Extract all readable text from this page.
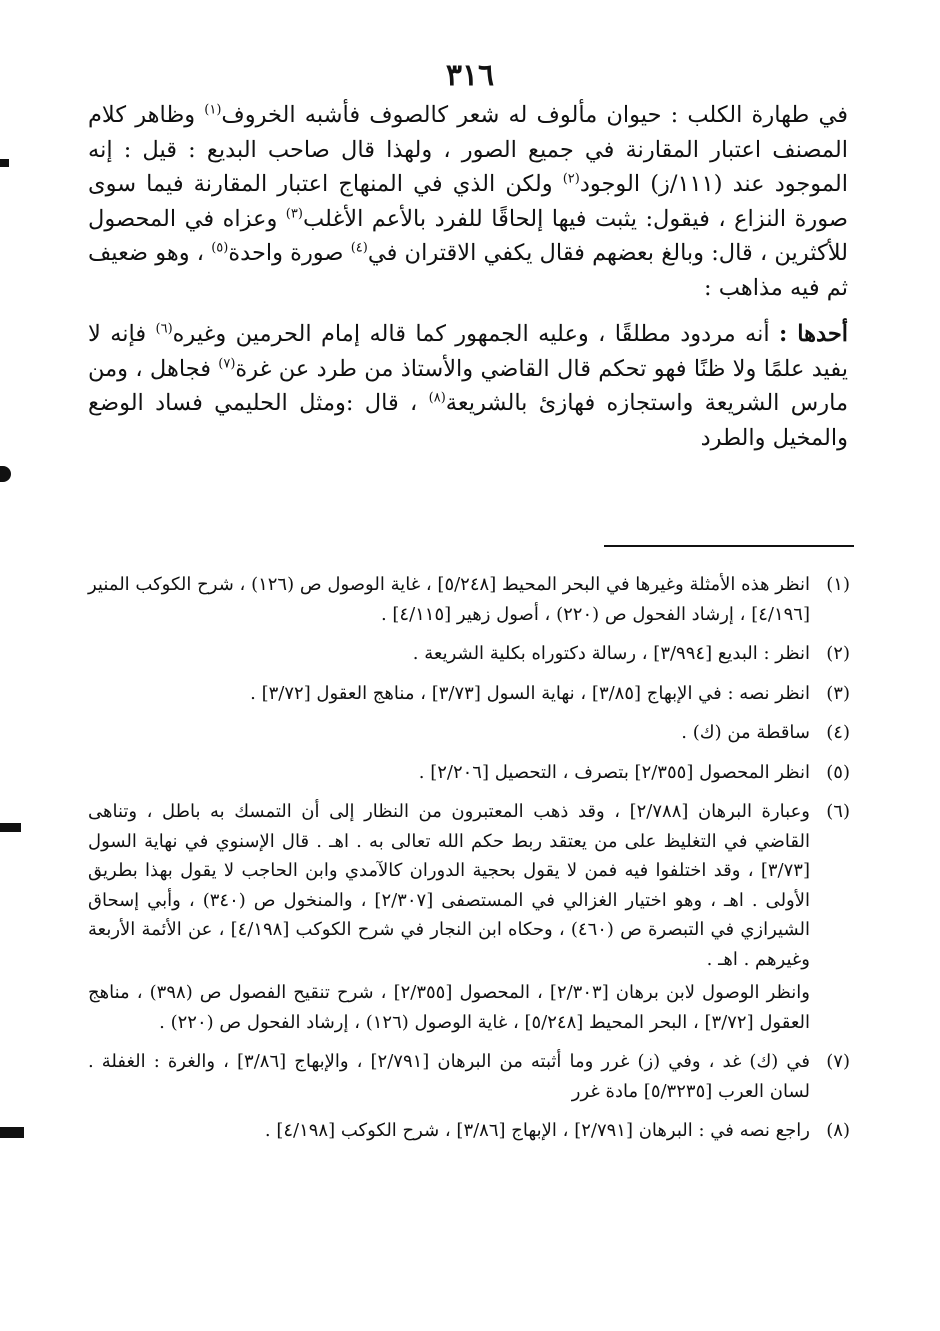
٣١٦

في طهارة الكلب : حيوان مألوف له شعر كالصوف فأشبه الخروف$^{(١)}$ وظاهر كلام المصنف اعتبار المقارنة في جميع الصور ، ولهذا قال صاحب البديع : قيل : إنه الموجود عند (١١١/ز) الوجود$^{(٢)}$ ولكن الذي في المنهاج اعتبار المقارنة فيما سوى صورة النزاع ، فيقول: يثبت فيها إلحاقًا للفرد بالأعم الأغلب$^{(٣)}$ وعزاه في المحصول للأكثرين ، قال: وبالغ بعضهم فقال يكفي الاقتران في$^{(٤)}$ صورة واحدة$^{(٥)}$ ، وهو ضعيف ثم فيه مذاهب :

أحدها : أنه مردود مطلقًا ، وعليه الجمهور كما قاله إمام الحرمين وغيره$^{(٦)}$ فإنه لا يفيد علمًا ولا ظنًا فهو تحكم قال القاضي والأستاذ من طرد عن غرة$^{(٧)}$ فجاهل ، ومن مارس الشريعة واستجازه فهازئ بالشريعة$^{(٨)}$ ، قال :ومثل الحليمي فساد الوضع والمخيل والطرد

(١)
انظر هذه الأمثلة وغيرها في البحر المحيط [٥/٢٤٨] ، غاية الوصول ص (١٢٦) ، شرح الكوكب المنير [٤/١٩٦] ، إرشاد الفحول ص (٢٢٠) ، أصول زهير [٤/١١٥] .
(٢)
انظر : البديع [٣/٩٩٤] ، رسالة دكتوراه بكلية الشريعة .
(٣)
انظر نصه : في الإبهاج [٣/٨٥] ، نهاية السول [٣/٧٣] ، مناهج العقول [٣/٧٢] .
(٤)
ساقطة من (ك) .
(٥)
انظر المحصول [٢/٣٥٥] بتصرف ، التحصيل [٢/٢٠٦] .
(٦)
وعبارة البرهان [٢/٧٨٨] ، وقد ذهب المعتبرون من النظار إلى أن التمسك به باطل ، وتناهى القاضي في التغليظ على من يعتقد ربط حكم الله تعالى به . اهـ . قال الإسنوي في نهاية السول [٣/٧٣] ، وقد اختلفوا فيه فمن لا يقول بحجية الدوران كالآمدي وابن الحاجب لا يقول بهذا بطريق الأولى . اهـ ، وهو اختيار الغزالي في المستصفى [٢/٣٠٧] ، والمنخول ص (٣٤٠) ، وأبي إسحاق الشيرازي في التبصرة ص (٤٦٠) ، وحكاه ابن النجار في شرح الكوكب [٤/١٩٨] ، عن الأئمة الأربعة وغيرهم . اهـ .
وانظر الوصول لابن برهان [٢/٣٠٣] ، المحصول [٢/٣٥٥] ، شرح تنقيح الفصول ص (٣٩٨) ، مناهج العقول [٣/٧٢] ، البحر المحيط [٥/٢٤٨] ، غاية الوصول (١٢٦) ، إرشاد الفحول ص (٢٢٠) .
(٧)
في (ك) غد ، وفي (ز) غرر وما أثبته من البرهان [٢/٧٩١] ، والإبهاج [٣/٨٦] ، والغرة : الغفلة . لسان العرب [٥/٣٢٣٥] مادة غرر
(٨)
راجع نصه في : البرهان [٢/٧٩١] ، الإبهاج [٣/٨٦] ، شرح الكوكب [٤/١٩٨] .
